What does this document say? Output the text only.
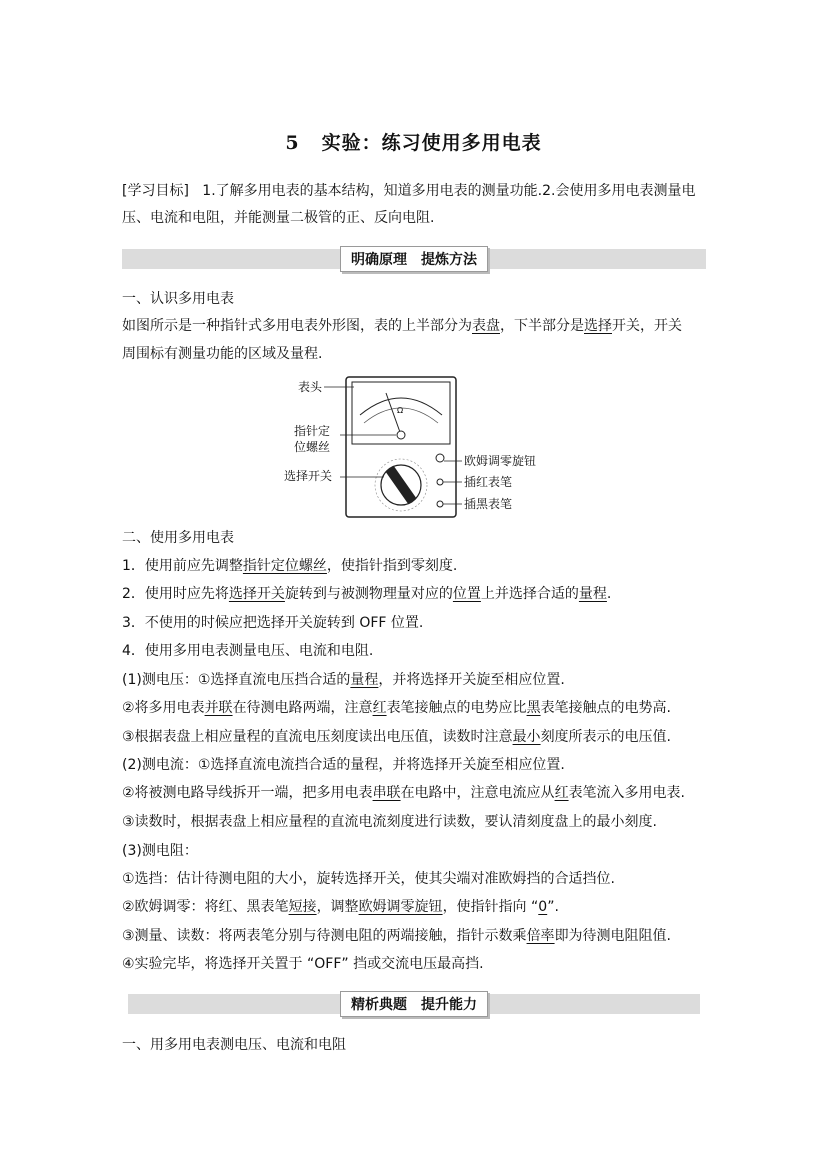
5 实验：练习使用多用电表
[学习目标] 1.了解多用电表的基本结构，知道多用电表的测量功能.2.会使用多用电表测量电
压、电流和电阻，并能测量二极管的正、反向电阻.
明确原理 提炼方法
一、认识多用电表
如图所示是一种指针式多用电表外形图，表的上半部分为表盘，下半部分是选择开关，开关
周围标有测量功能的区域及量程.
Ω
表头
指针定
位螺丝
选择开关
欧姆调零旋钮
插红表笔
插黑表笔
二、使用多用电表
1．使用前应先调整指针定位螺丝，使指针指到零刻度.
2．使用时应先将选择开关旋转到与被测物理量对应的位置上并选择合适的量程.
3．不使用的时候应把选择开关旋转到 OFF 位置.
4．使用多用电表测量电压、电流和电阻.
(1)测电压：①选择直流电压挡合适的量程，并将选择开关旋至相应位置.
②将多用电表并联在待测电路两端，注意红表笔接触点的电势应比黑表笔接触点的电势高.
③根据表盘上相应量程的直流电压刻度读出电压值，读数时注意最小刻度所表示的电压值.
(2)测电流：①选择直流电流挡合适的量程，并将选择开关旋至相应位置.
②将被测电路导线拆开一端，把多用电表串联在电路中，注意电流应从红表笔流入多用电表.
③读数时，根据表盘上相应量程的直流电流刻度进行读数，要认清刻度盘上的最小刻度.
(3)测电阻：
①选挡：估计待测电阻的大小，旋转选择开关，使其尖端对准欧姆挡的合适挡位.
②欧姆调零：将红、黑表笔短接，调整欧姆调零旋钮，使指针指向 “0”.
③测量、读数：将两表笔分别与待测电阻的两端接触，指针示数乘倍率即为待测电阻阻值.
④实验完毕，将选择开关置于 “OFF” 挡或交流电压最高挡.
精析典题 提升能力
一、用多用电表测电压、电流和电阻
